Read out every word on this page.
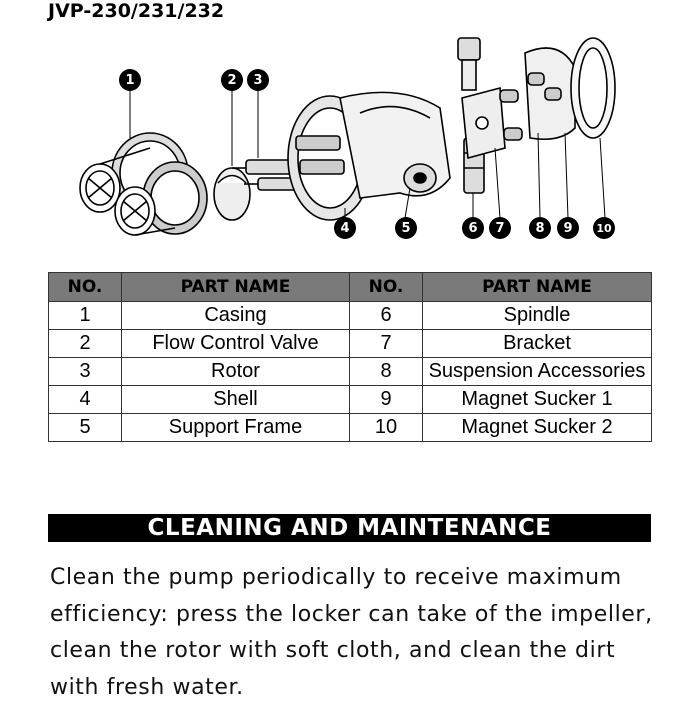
JVP-230/231/232
1	2	3
4	5	6	7	8	9	10
NO.	PART NAME	NO.	PART NAME
1	Casing	6	Spindle
2	Flow Control Valve	7	Bracket
3	Rotor	8	Suspension Accessories
4	Shell	9	Magnet Sucker 1
5	Support Frame	10	Magnet Sucker 2
CLEANING AND MAINTENANCE
Clean the pump periodically to receive maximum
efficiency: press the locker can take of the impeller,
clean the rotor with soft cloth, and clean the dirt
with fresh water.
